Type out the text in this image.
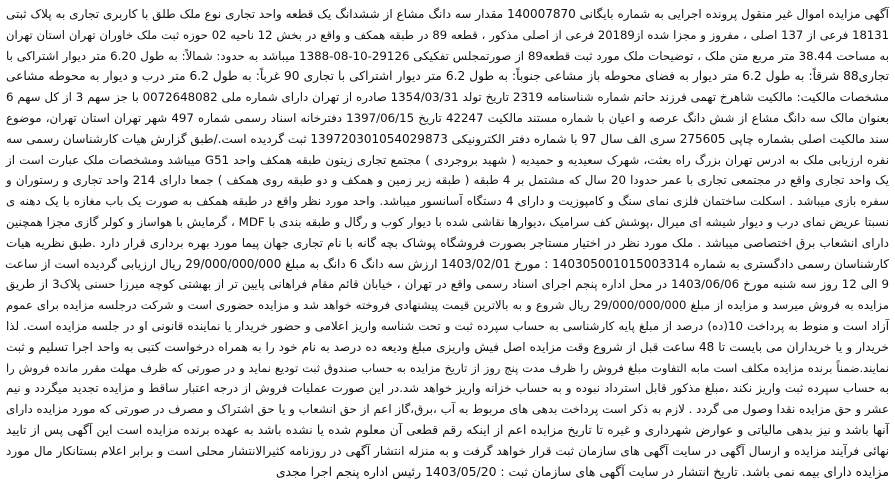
آگهی مزایده اموال غیر منقول پرونده اجرایی به شماره بایگانی 140007870 مقدار سه دانگ مشاع از ششدانگ یک قطعه واحد تجاری نوع ملک طلق با کاربری تجاری به پلاک ثبتی
18131 فرعی از 137 اصلی ، مفروز و مجزا شده از20189 فرعی از اصلی مذکور ، قطعه 89 در طبقه همکف و واقع در بخش 12 ناحیه 02 حوزه ثبت ملک خاوران تهران استان تهران
به مساحت 38.44 متر مربع متن ملک ، توضیحات ملک مورد ثبت قطعه89 از صورتمجلس تفکیکی 29126-10-08-1388 میباشد به حدود: شمالاً: به طول 6.20 متر دیوار اشتراکی با
تجاری88 شرقاً: به طول 6.2 متر دیوار به فضای محوطه باز مشاعی جنوباً: به طول 6.2 متر دیوار اشتراکی با تجاری 90 غرباً: به طول 6.2 متر درب و دیوار به محوطه مشاعی
مشخصات مالکیت: مالکیت شاهرخ تهمی فرزند حاتم شماره شناسنامه 2319 تاریخ تولد 1354/03/31 صادره از تهران دارای شماره ملی 0072648082 با جز سهم 3 از کل سهم 6
بعنوان مالک سه دانگ مشاع از شش دانگ عرصه و اعیان با شماره مستند مالکیت 42247 تاریخ 1397/06/15 دفترخانه اسناد رسمی شماره 497 شهر تهران استان تهران، موضوع
سند مالکیت اصلی بشماره چاپی 275605 سری الف سال 97 با شماره دفتر الکترونیکی 139720301054029873 ثبت گردیده است./طبق گزارش هیات کارشناسان رسمی سه
نفره ارزیابی ملک به ادرس تهران بزرگ راه بعثت، شهرک سعیدیه و حمیدیه ( شهید بروجردی ) مجتمع تجاری زیتون طبقه همکف واحد G51 میباشد ومشخصات ملک عبارت است از
یک واحد تجاری واقع در مجتمعی تجاری با عمر حدودا 20 سال که مشتمل بر 4 طبقه ( طبقه زیر زمین و همکف و دو طبقه روی همکف ) جمعا دارای 214 واحد تجاری و رستوران و
سفره بازی میباشد . اسکلت ساختمان فلزی نمای سنگ و کامپوزیت و دارای 4 دستگاه آسانسور میباشد. واحد مورد نظر واقع در طبقه همکف به صورت یک باب مغازه با یک دهنه ی
نسبتا عریض نمای درب و دیوار شیشه ای میرال ،پوشش کف سرامیک ،دیوارها نقاشی شده با دیوار کوب و رگال و طبقه بندی با MDF ، گرمایش با هواساز و کولر گازی مجزا همچنین
دارای انشعاب برق اختصاصی میباشد . ملک مورد نظر در اختیار مستاجر بصورت فروشگاه پوشاک بچه گانه با نام تجاری جهان پیما مورد بهره برداری قرار دارد .طبق نظریه هیات
کارشناسان رسمی دادگستری به شماره 140305001015003314 : مورخ 1403/02/01 ارزش سه دانگ 6 دانگ به مبلغ 29/000/000/000 ریال ارزیابی گردیده است از ساعت
9 الی 12 روز سه شنبه مورخ 1403/06/06 در محل اداره پنجم اجرای اسناد رسمی واقع در تهران ، خیابان قائم مقام فراهانی پایین تر از بهشتی کوچه میرزا حسنی پلاک3 از طریق
مزایده به فروش میرسد و مزایده از مبلغ 29/000/000/000 ریال شروع و به بالاترین قیمت پیشنهادی فروخته خواهد شد و مزایده حضوری است و شرکت درجلسه مزایده برای عموم
آزاد است و منوط به پرداخت 10(ده) درصد از مبلغ پایه کارشناسی به حساب سپرده ثبت و تحت شناسه واریز اعلامی و حضور خریدار یا نماینده قانونی او در جلسه مزایده است. لذا
خریدار و یا خریداران می بایست تا 48 ساعت قبل از شروع وقت مزایده اصل فیش واریزی مبلغ ودیعه ده درصد به نام خود را به همراه درخواست کتبی به واحد اجرا تسلیم و ثبت
نمایند.ضمناً برنده مزایده مکلف است مابه التفاوت مبلغ فروش را ظرف مدت پنج روز از تاریخ مزایده به حساب صندوق ثبت تودیع نماید و در صورتی که ظرف مهلت مقرر مانده فروش را
به حساب سپرده ثبت واریز نکند ،مبلغ مذکور قابل استرداد نبوده و به حساب خزانه واریز خواهد شد.در این صورت عملیات فروش از درجه اعتبار ساقط و مزایده تجدید میگردد و نیم
عشر و حق مزایده نقدا وصول می گردد . لازم به ذکر است پرداخت بدهی های مربوط به آب ،برق،گاز اعم از حق انشعاب و یا حق اشتراک و مصرف در صورتی که مورد مزایده دارای
آنها باشد و نیز بدهی مالیاتی و عوارض شهرداری و غیره تا تاریخ مزایده اعم از اینکه رقم قطعی آن معلوم شده یا نشده باشد به عهده برنده مزایده است این آگهی پس از تایید
نهائی فرآیند مزایده و ارسال آگهی در سایت آگهی های سازمان ثبت قرار خواهد گرفت و به منزله انتشار آگهی در روزنامه کثیرالانتشار محلی است و برابر اعلام بستانکار مال مورد
مزایده دارای بیمه نمی باشد. تاریخ انتشار در سایت آگهی های سازمان ثبت : 1403/05/20 رئیس اداره پنجم اجرا مجدی
